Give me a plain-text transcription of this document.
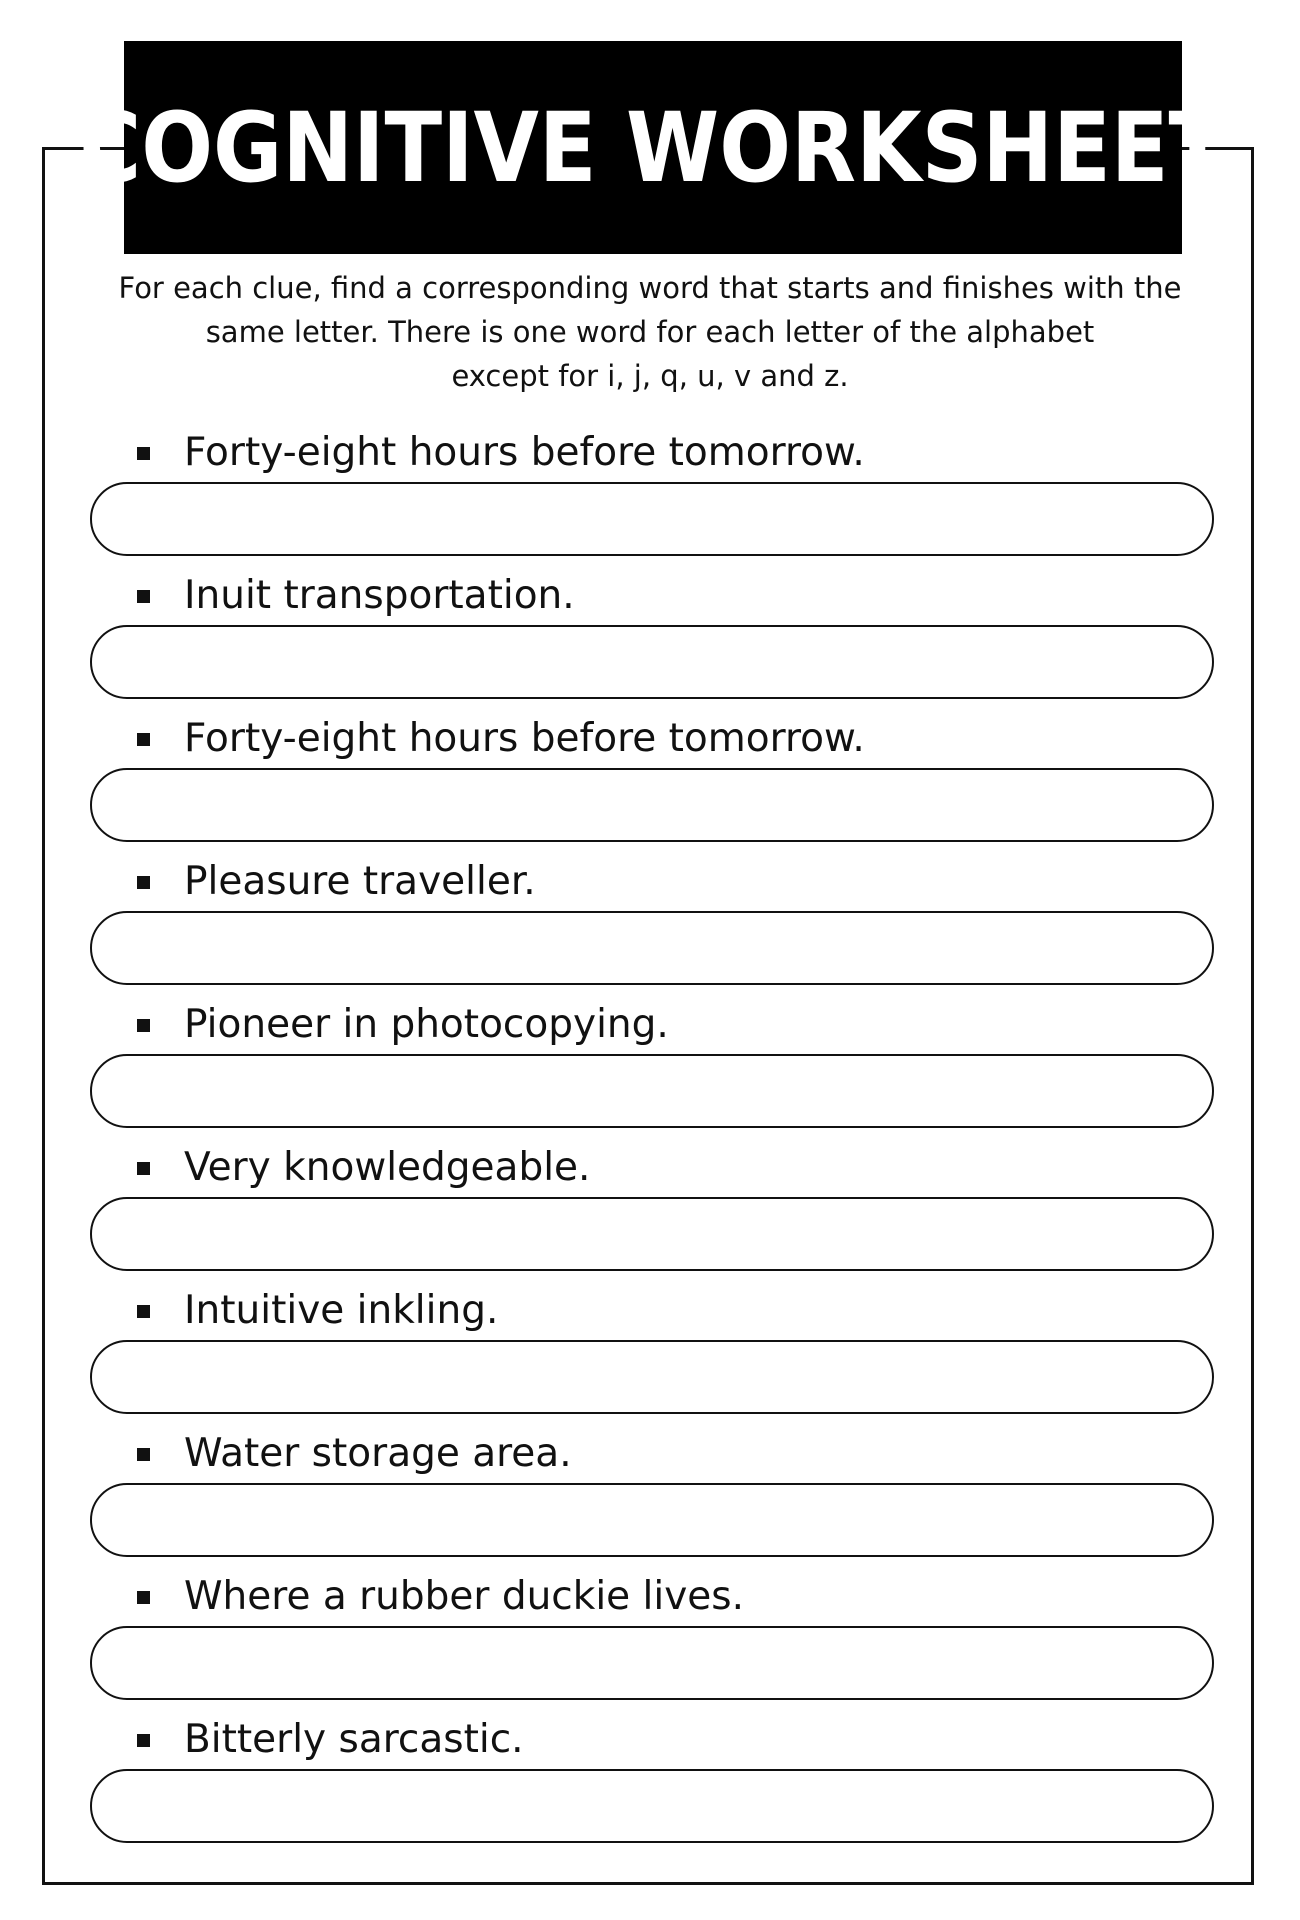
COGNITIVE WORKSHEET
For each clue, find a corresponding word that starts and finishes with the
same letter. There is one word for each letter of the alphabet
except for i, j, q, u, v and z.
Forty-eight hours before tomorrow.
Inuit transportation.
Forty-eight hours before tomorrow.
Pleasure traveller.
Pioneer in photocopying.
Very knowledgeable.
Intuitive inkling.
Water storage area.
Where a rubber duckie lives.
Bitterly sarcastic.
